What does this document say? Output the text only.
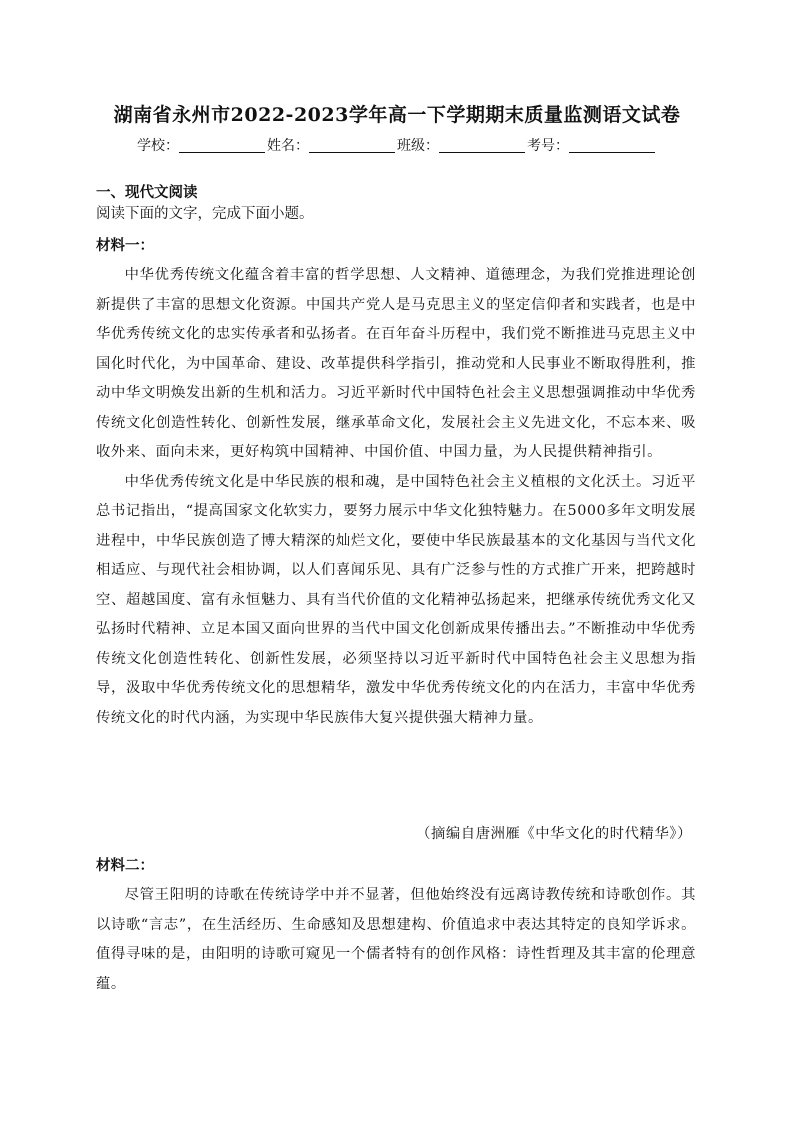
湖南省永州市2022-2023学年高一下学期期末质量监测语文试卷
学校：	姓名：	班级：	考号：
一、现代文阅读
阅读下面的文字，完成下面小题。
材料一：

中华优秀传统文化蕴含着丰富的哲学思想、人文精神、道德理念，为我们党推进理论创新提供了丰富的思想文化资源。中国共产党人是马克思主义的坚定信仰者和实践者，也是中华优秀传统文化的忠实传承者和弘扬者。在百年奋斗历程中，我们党不断推进马克思主义中国化时代化，为中国革命、建设、改革提供科学指引，推动党和人民事业不断取得胜利，推动中华文明焕发出新的生机和活力。习近平新时代中国特色社会主义思想强调推动中华优秀传统文化创造性转化、创新性发展，继承革命文化，发展社会主义先进文化，不忘本来、吸收外来、面向未来，更好构筑中国精神、中国价值、中国力量，为人民提供精神指引。

中华优秀传统文化是中华民族的根和魂，是中国特色社会主义植根的文化沃土。习近平总书记指出，“提高国家文化软实力，要努力展示中华文化独特魅力。在5000多年文明发展进程中，中华民族创造了博大精深的灿烂文化，要使中华民族最基本的文化基因与当代文化相适应、与现代社会相协调，以人们喜闻乐见、具有广泛参与性的方式推广开来，把跨越时空、超越国度、富有永恒魅力、具有当代价值的文化精神弘扬起来，把继承传统优秀文化又弘扬时代精神、立足本国又面向世界的当代中国文化创新成果传播出去。”不断推动中华优秀传统文化创造性转化、创新性发展，必须坚持以习近平新时代中国特色社会主义思想为指导，汲取中华优秀传统文化的思想精华，激发中华优秀传统文化的内在活力，丰富中华优秀传统文化的时代内涵，为实现中华民族伟大复兴提供强大精神力量。

（摘编自唐洲雁《中华文化的时代精华》）
材料二：

尽管王阳明的诗歌在传统诗学中并不显著，但他始终没有远离诗教传统和诗歌创作。其以诗歌“言志”，在生活经历、生命感知及思想建构、价值追求中表达其特定的良知学诉求。值得寻味的是，由阳明的诗歌可窥见一个儒者特有的创作风格：诗性哲理及其丰富的伦理意蕴。
